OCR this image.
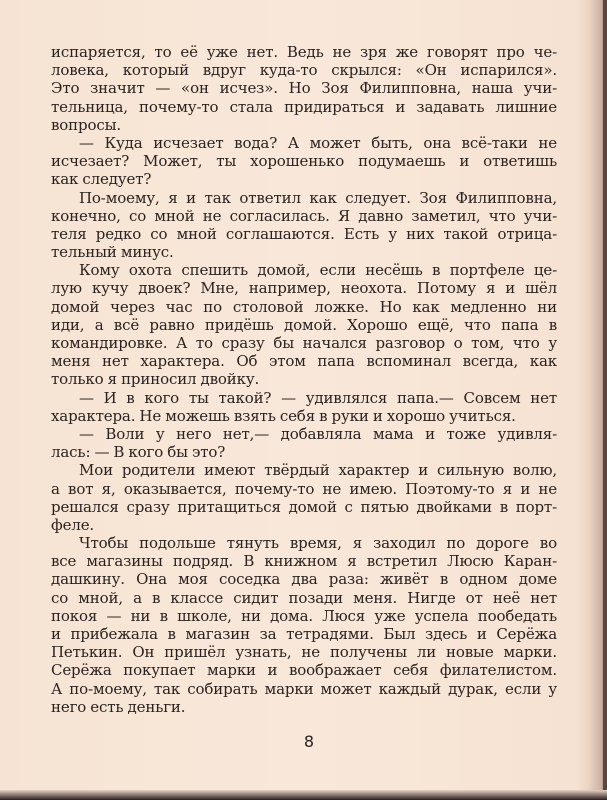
испаряется, то её уже нет. Ведь не зря же говорят про че-
ловека, который вдруг куда-то скрылся: «Он испарился».
Это значит — «он исчез». Но Зоя Филипповна, наша учи-
тельница, почему-то стала придираться и задавать лишние
вопросы.
— Куда исчезает вода? А может быть, она всё-таки не
исчезает? Может, ты хорошенько подумаешь и ответишь
как следует?
По-моему, я и так ответил как следует. Зоя Филипповна,
конечно, со мной не согласилась. Я давно заметил, что учи-
теля редко со мной соглашаются. Есть у них такой отрица-
тельный минус.
Кому охота спешить домой, если несёшь в портфеле це-
лую кучу двоек? Мне, например, неохота. Потому я и шёл
домой через час по столовой ложке. Но как медленно ни
иди, а всё равно придёшь домой. Хорошо ещё, что папа в
командировке. А то сразу бы начался разговор о том, что у
меня нет характера. Об этом папа вспоминал всегда, как
только я приносил двойку.
— И в кого ты такой? — удивлялся папа.— Совсем нет
характера. Не можешь взять себя в руки и хорошо учиться.
— Воли у него нет,— добавляла мама и тоже удивля-
лась: — В кого бы это?
Мои родители имеют твёрдый характер и сильную волю,
а вот я, оказывается, почему-то не имею. Поэтому-то я и не
решался сразу притащиться домой с пятью двойками в порт-
феле.
Чтобы подольше тянуть время, я заходил по дороге во
все магазины подряд. В книжном я встретил Люсю Каран-
дашкину. Она моя соседка два раза: живёт в одном доме
со мной, а в классе сидит позади меня. Нигде от неё нет
покоя — ни в школе, ни дома. Люся уже успела пообедать
и прибежала в магазин за тетрадями. Был здесь и Серёжа
Петькин. Он пришёл узнать, не получены ли новые марки.
Серёжа покупает марки и воображает себя филателистом.
А по-моему, так собирать марки может каждый дурак, если у
него есть деньги.
8
